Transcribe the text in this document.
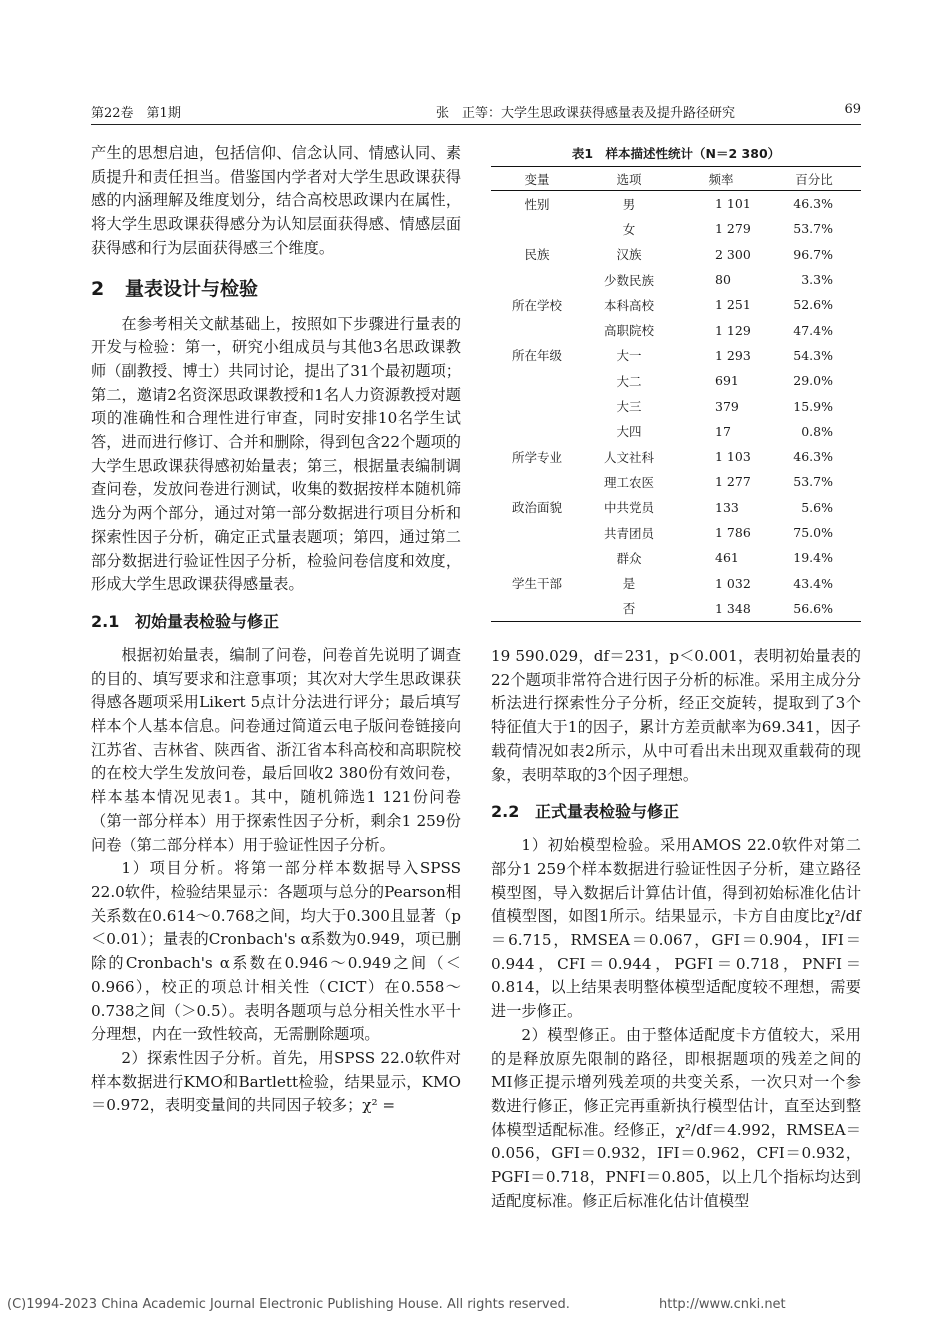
第22卷　第1期	张　正等：大学生思政课获得感量表及提升路径研究	69

产生的思想启迪，包括信仰、信念认同、情感认同、素质提升和责任担当。借鉴国内学者对大学生思政课获得感的内涵理解及维度划分，结合高校思政课内在属性，将大学生思政课获得感分为认知层面获得感、情感层面获得感和行为层面获得感三个维度。

2 量表设计与检验

在参考相关文献基础上，按照如下步骤进行量表的开发与检验：第一，研究小组成员与其他3名思政课教师（副教授、博士）共同讨论，提出了31个最初题项；第二，邀请2名资深思政课教授和1名人力资源教授对题项的准确性和合理性进行审查，同时安排10名学生试答，进而进行修订、合并和删除，得到包含22个题项的大学生思政课获得感初始量表；第三，根据量表编制调查问卷，发放问卷进行测试，收集的数据按样本随机筛选分为两个部分，通过对第一部分数据进行项目分析和探索性因子分析，确定正式量表题项；第四，通过第二部分数据进行验证性因子分析，检验问卷信度和效度，形成大学生思政课获得感量表。

2.1 初始量表检验与修正

根据初始量表，编制了问卷，问卷首先说明了调查的目的、填写要求和注意事项；其次对大学生思政课获得感各题项采用Likert 5点计分法进行评分；最后填写样本个人基本信息。问卷通过简道云电子版问卷链接向江苏省、吉林省、陕西省、浙江省本科高校和高职院校的在校大学生发放问卷，最后回收2 380份有效问卷，样本基本情况见表1。其中，随机筛选1 121份问卷（第一部分样本）用于探索性因子分析，剩余1 259份问卷（第二部分样本）用于验证性因子分析。

1）项目分析。将第一部分样本数据导入SPSS 22.0软件，检验结果显示：各题项与总分的Pearson相关系数在0.614～0.768之间，均大于0.300且显著（p＜0.01）；量表的Cronbach's α系数为0.949，项已删除的Cronbach's α系数在0.946～0.949之间（＜0.966），校正的项总计相关性（CICT）在0.558～0.738之间（＞0.5）。表明各题项与总分相关性水平十分理想，内在一致性较高，无需删除题项。

2）探索性因子分析。首先，用SPSS 22.0软件对样本数据进行KMO和Bartlett检验，结果显示，KMO＝0.972，表明变量间的共同因子较多；χ² =

表1　样本描述性统计（N＝2 380）
变量	选项	频率	百分比
性别	男	1 101	46.3%
	女	1 279	53.7%
民族	汉族	2 300	96.7%
	少数民族	80	3.3%
所在学校	本科高校	1 251	52.6%
	高职院校	1 129	47.4%
所在年级	大一	1 293	54.3%
	大二	691	29.0%
	大三	379	15.9%
	大四	17	0.8%
所学专业	人文社科	1 103	46.3%
	理工农医	1 277	53.7%
政治面貌	中共党员	133	5.6%
	共青团员	1 786	75.0%
	群众	461	19.4%
学生干部	是	1 032	43.4%
	否	1 348	56.6%

19 590.029，df＝231，p＜0.001，表明初始量表的22个题项非常符合进行因子分析的标准。采用主成分分析法进行探索性分子分析，经正交旋转，提取到了3个特征值大于1的因子，累计方差贡献率为69.341，因子载荷情况如表2所示，从中可看出未出现双重载荷的现象，表明萃取的3个因子理想。

2.2 正式量表检验与修正

1）初始模型检验。采用AMOS 22.0软件对第二部分1 259个样本数据进行验证性因子分析，建立路径模型图，导入数据后计算估计值，得到初始标准化估计值模型图，如图1所示。结果显示，卡方自由度比χ²/df＝6.715，RMSEA＝0.067，GFI＝0.904，IFI＝0.944，CFI＝0.944，PGFI＝0.718，PNFI＝0.814，以上结果表明整体模型适配度较不理想，需要进一步修正。

2）模型修正。由于整体适配度卡方值较大，采用的是释放原先限制的路径，即根据题项的残差之间的MI修正提示增列残差项的共变关系，一次只对一个参数进行修正，修正完再重新执行模型估计，直至达到整体模型适配标准。经修正，χ²/df＝4.992，RMSEA＝0.056，GFI＝0.932，IFI＝0.962，CFI＝0.932，PGFI＝0.718，PNFI＝0.805，以上几个指标均达到适配度标准。修正后标准化估计值模型

(C)1994-2023 China Academic Journal Electronic Publishing House. All rights reserved.	http://www.cnki.net
